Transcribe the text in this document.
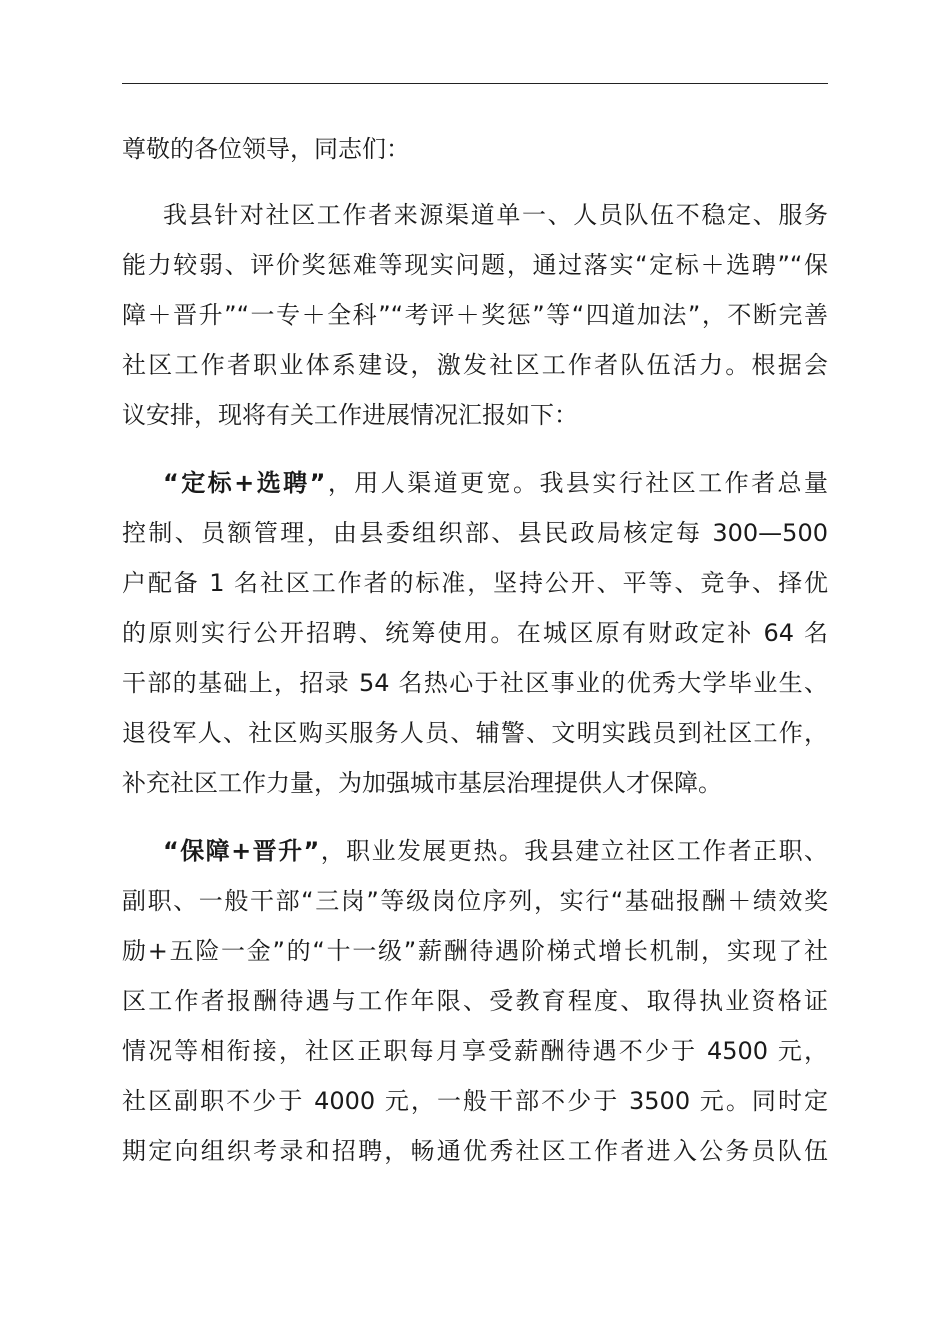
尊敬的各位领导，同志们：

我县针对社区工作者来源渠道单一、人员队伍不稳定、服务
能力较弱、评价奖惩难等现实问题，通过落实“定标＋选聘”“保
障＋晋升”“一专＋全科”“考评＋奖惩”等“四道加法”，不断完善
社区工作者职业体系建设，激发社区工作者队伍活力。根据会
议安排，现将有关工作进展情况汇报如下：
“定标+选聘”，用人渠道更宽。我县实行社区工作者总量
控制、员额管理，由县委组织部、县民政局核定每 300—500
户配备 1 名社区工作者的标准，坚持公开、平等、竞争、择优
的原则实行公开招聘、统筹使用。在城区原有财政定补 64 名
干部的基础上，招录 54 名热心于社区事业的优秀大学毕业生、
退役军人、社区购买服务人员、辅警、文明实践员到社区工作，
补充社区工作力量，为加强城市基层治理提供人才保障。
“保障+晋升”，职业发展更热。我县建立社区工作者正职、
副职、一般干部“三岗”等级岗位序列，实行“基础报酬＋绩效奖
励+五险一金”的“十一级”薪酬待遇阶梯式增长机制，实现了社
区工作者报酬待遇与工作年限、受教育程度、取得执业资格证
情况等相衔接，社区正职每月享受薪酬待遇不少于 4500 元，
社区副职不少于 4000 元，一般干部不少于 3500 元。同时定
期定向组织考录和招聘，畅通优秀社区工作者进入公务员队伍
